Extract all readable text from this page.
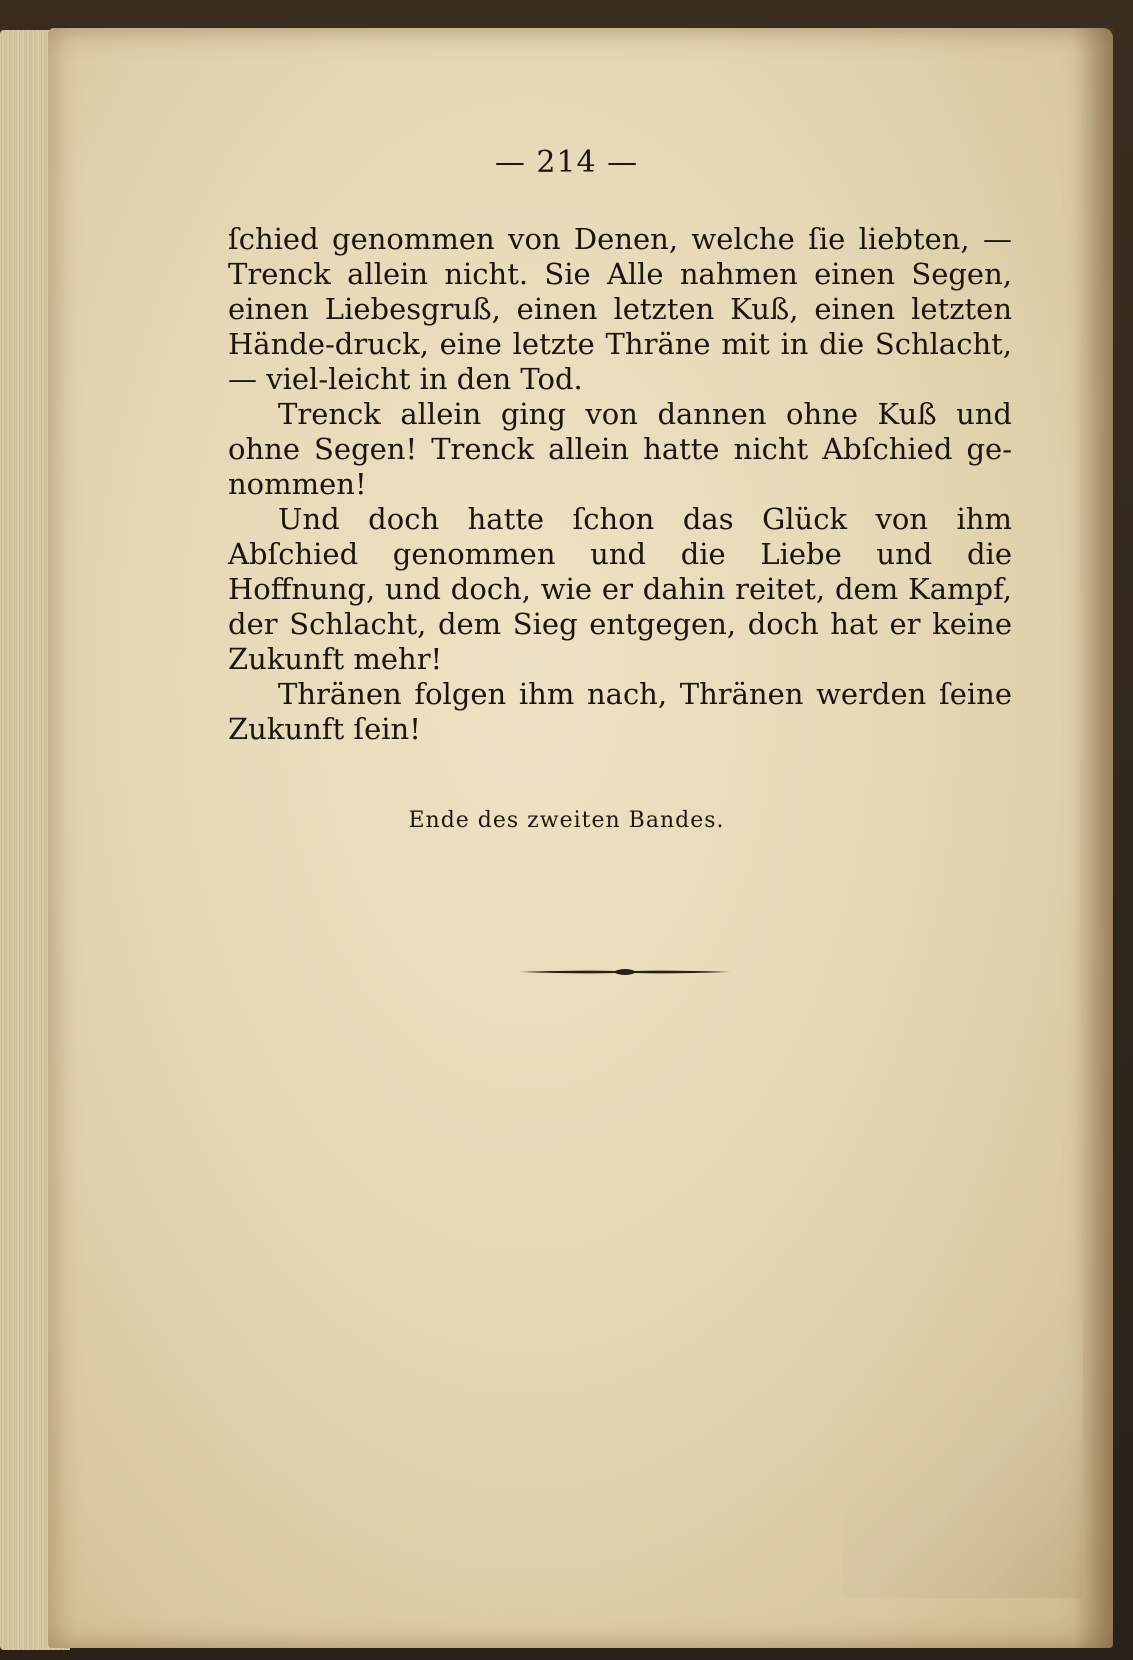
— 214 —

ſchied genommen von Denen, welche ſie liebten, — Trenck allein nicht. Sie Alle nahmen einen Segen, einen Liebesgruß, einen letzten Kuß, einen letzten Hände-druck, eine letzte Thräne mit in die Schlacht, — viel-leicht in den Tod.

Trenck allein ging von dannen ohne Kuß und ohne Segen! Trenck allein hatte nicht Abſchied ge-nommen!

Und doch hatte ſchon das Glück von ihm Abſchied genommen und die Liebe und die Hoffnung, und doch, wie er dahin reitet, dem Kampf, der Schlacht, dem Sieg entgegen, doch hat er keine Zukunft mehr!

Thränen folgen ihm nach, Thränen werden ſeine Zukunft ſein!

Ende des zweiten Bandes.
